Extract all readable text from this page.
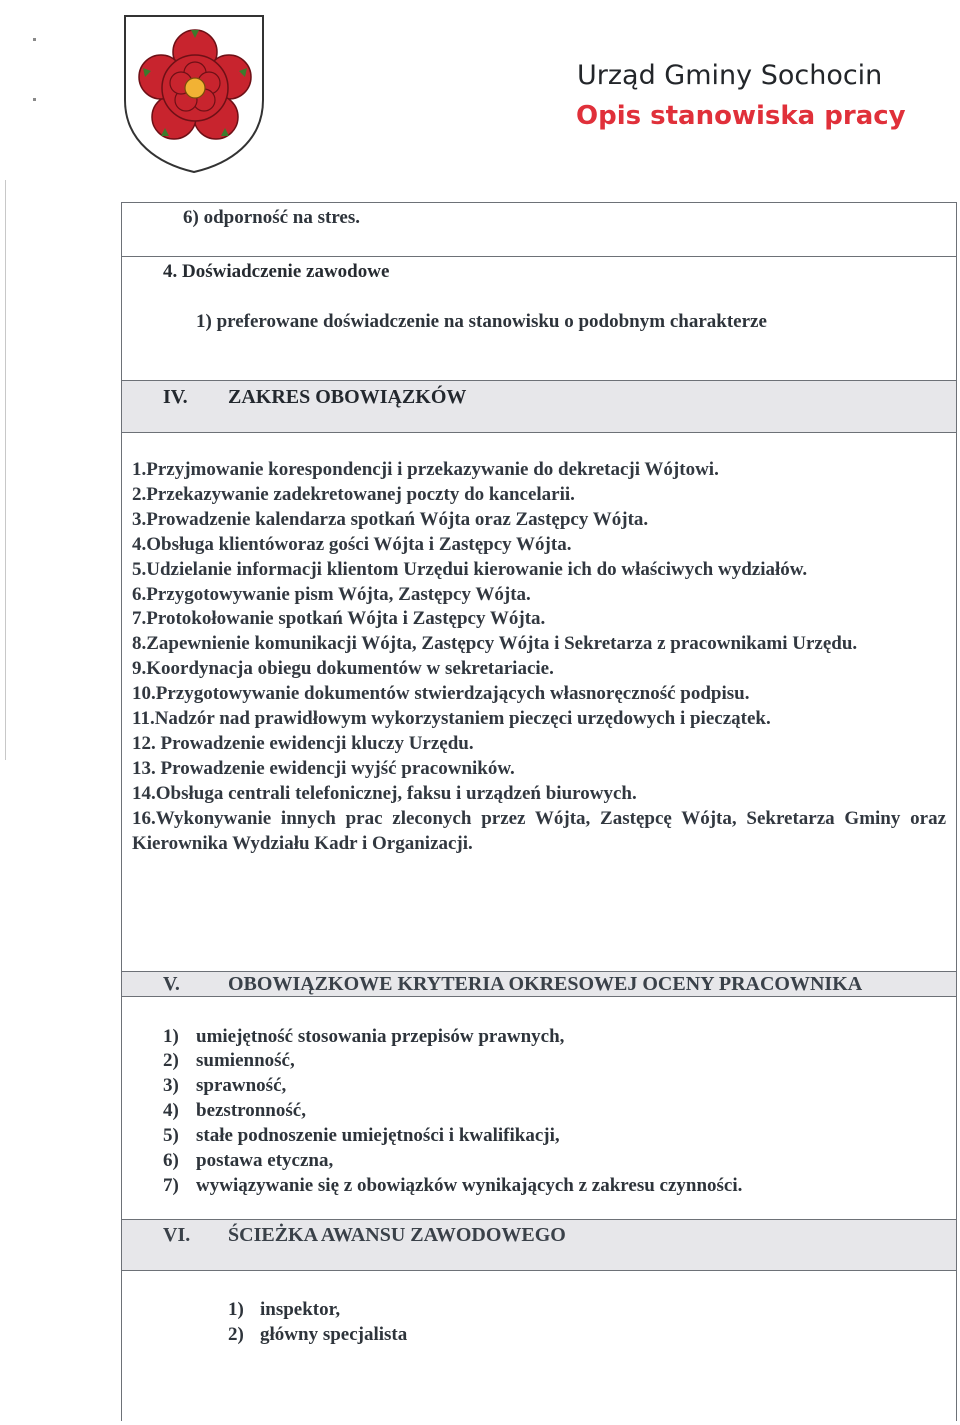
Urząd Gminy Sochocin
Opis stanowiska pracy
6) odporność na stres.
4. Doświadczenie zawodowe
1) preferowane doświadczenie na stanowisku o podobnym charakterze
IV. ZAKRES OBOWIĄZKÓW
1.Przyjmowanie korespondencji i przekazywanie do dekretacji Wójtowi.
2.Przekazywanie zadekretowanej poczty do kancelarii.
3.Prowadzenie kalendarza spotkań Wójta oraz Zastępcy Wójta.
4.Obsługa klientóworaz gości Wójta i Zastępcy Wójta.
5.Udzielanie informacji klientom Urzędui kierowanie ich do właściwych wydziałów.
6.Przygotowywanie pism Wójta, Zastępcy Wójta.
7.Protokołowanie spotkań Wójta i Zastępcy Wójta.
8.Zapewnienie komunikacji Wójta, Zastępcy Wójta i Sekretarza z pracownikami Urzędu.
9.Koordynacja obiegu dokumentów w sekretariacie.
10.Przygotowywanie dokumentów stwierdzających własnoręczność podpisu.
11.Nadzór nad prawidłowym wykorzystaniem pieczęci urzędowych i pieczątek.
12. Prowadzenie ewidencji kluczy Urzędu.
13. Prowadzenie ewidencji wyjść pracowników.
14.Obsługa centrali telefonicznej, faksu i urządzeń biurowych.
16.Wykonywanie innych prac zleconych przez Wójta, Zastępcę Wójta, Sekretarza Gminy oraz Kierownika Wydziału Kadr i Organizacji.
V. OBOWIĄZKOWE KRYTERIA OKRESOWEJ OCENY PRACOWNIKA
1) umiejętność stosowania przepisów prawnych,
2) sumienność,
3) sprawność,
4) bezstronność,
5) stałe podnoszenie umiejętności i kwalifikacji,
6) postawa etyczna,
7) wywiązywanie się z obowiązków wynikających z zakresu czynności.
VI. ŚCIEŻKA AWANSU ZAWODOWEGO
1) inspektor,
2) główny specjalista
